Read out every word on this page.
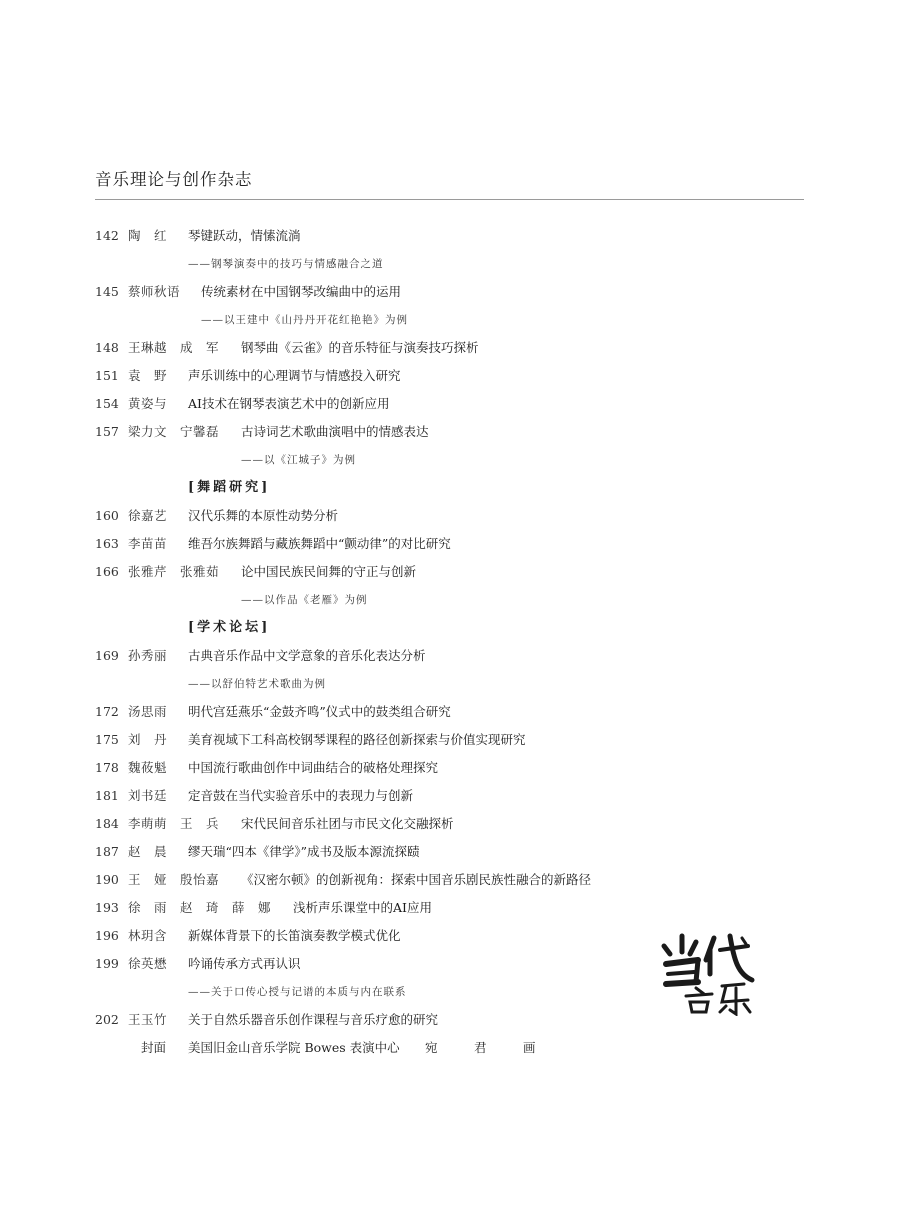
音乐理论与创作杂志
142 陶　红 琴键跃动，情愫流淌
——钢琴演奏中的技巧与情感融合之道
145 蔡师秋语 传统素材在中国钢琴改编曲中的运用
——以王建中《山丹丹开花红艳艳》为例
148 王琳越　成　军 钢琴曲《云雀》的音乐特征与演奏技巧探析
151 袁　野 声乐训练中的心理调节与情感投入研究
154 黄姿与 AI技术在钢琴表演艺术中的创新应用
157 梁力文　宁馨磊 古诗词艺术歌曲演唱中的情感表达
——以《江城子》为例
[舞蹈研究]
160 徐嘉艺 汉代乐舞的本原性动势分析
163 李苗苗 维吾尔族舞蹈与藏族舞蹈中“颤动律”的对比研究
166 张雅芹　张雅茹 论中国民族民间舞的守正与创新
——以作品《老雁》为例
[学术论坛]
169 孙秀丽 古典音乐作品中文学意象的音乐化表达分析
——以舒伯特艺术歌曲为例
172 汤思雨 明代宫廷燕乐“金鼓齐鸣”仪式中的鼓类组合研究
175 刘　丹 美育视域下工科高校钢琴课程的路径创新探索与价值实现研究
178 魏莜魁 中国流行歌曲创作中词曲结合的破格处理探究
181 刘书廷 定音鼓在当代实验音乐中的表现力与创新
184 李萌萌　王　兵 宋代民间音乐社团与市民文化交融探析
187 赵　晨 缪天瑞“四本《律学》”成书及版本源流探赜
190 王　娅　殷怡嘉 《汉密尔顿》的创新视角：探索中国音乐剧民族性融合的新路径
193 徐　雨　赵　琦　薛　娜 浅析声乐课堂中的AI应用
196 林玥含 新媒体背景下的长笛演奏教学模式优化
199 徐英懋 吟诵传承方式再认识
——关于口传心授与记谱的本质与内在联系
202 王玉竹 关于自然乐器音乐创作课程与音乐疗愈的研究
封面 美国旧金山音乐学院 Bowes 表演中心 宛　君　画
